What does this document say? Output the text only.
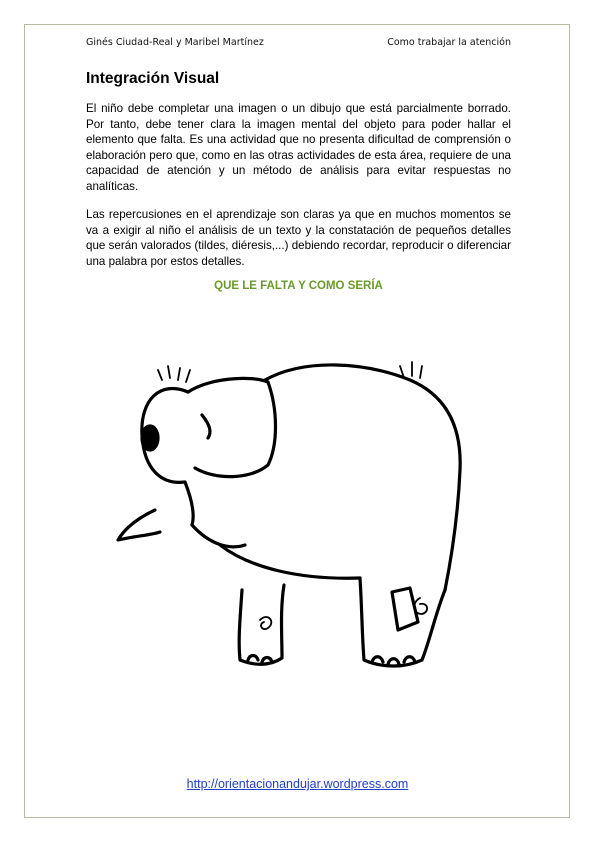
Ginés Ciudad-Real y Maribel Martínez	Como trabajar la atención
Integración Visual
El niño debe completar una imagen o un dibujo que está parcialmente borrado. Por tanto, debe tener clara la imagen mental del objeto para poder hallar el elemento que falta. Es una actividad que no presenta dificultad de comprensión o elaboración pero que, como en las otras actividades de esta área, requiere de una capacidad de atención y un método de análisis para evitar respuestas no analíticas.
Las repercusiones en el aprendizaje son claras ya que en muchos momentos se va a exigir al niño el análisis de un texto y la constatación de pequeños detalles que serán valorados (tildes, diéresis,...) debiendo recordar, reproducir o diferenciar una palabra por estos detalles.
QUE LE FALTA Y COMO SERÍA
http://orientacionandujar.wordpress.com
